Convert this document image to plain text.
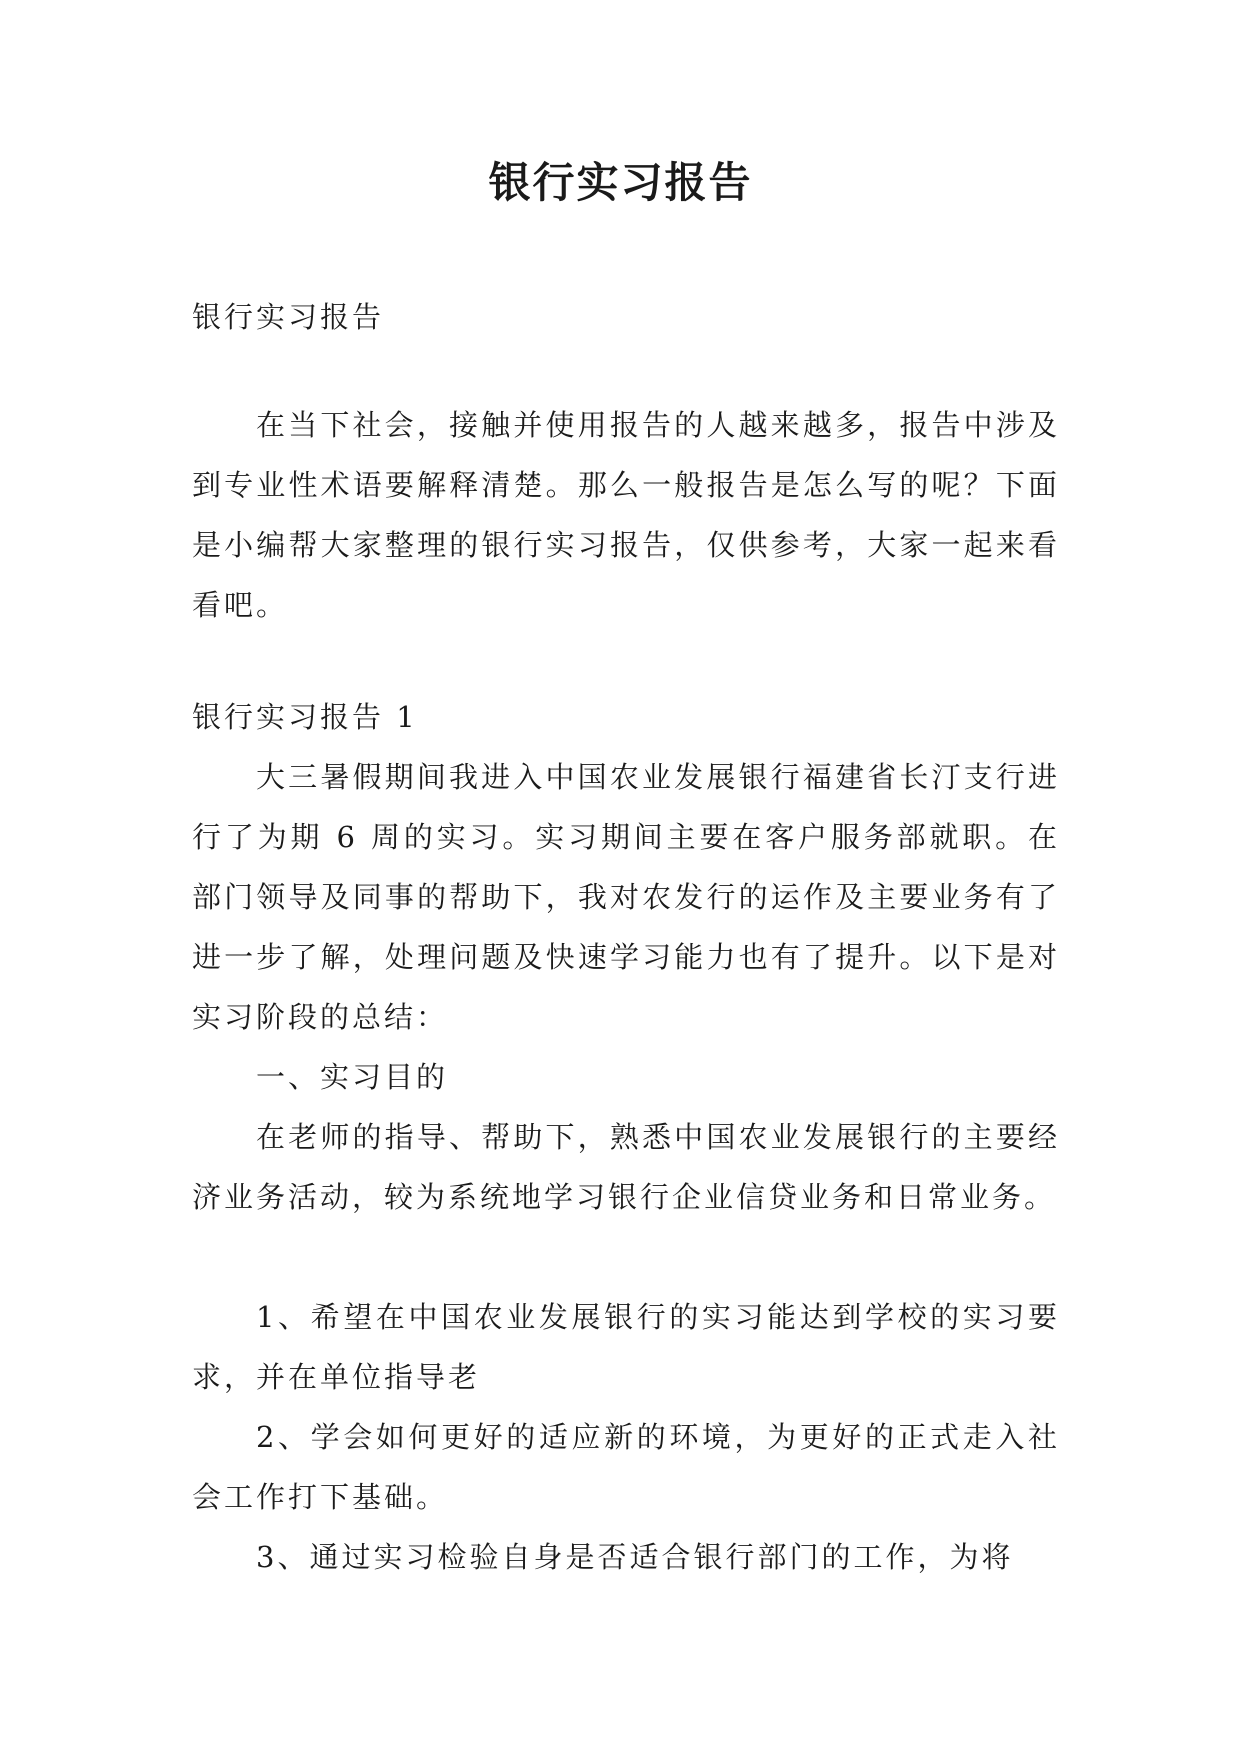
银行实习报告

银行实习报告

在当下社会，接触并使用报告的人越来越多，报告中涉及到专业性术语要解释清楚。那么一般报告是怎么写的呢？下面是小编帮大家整理的银行实习报告，仅供参考，大家一起来看看吧。

银行实习报告 1

大三暑假期间我进入中国农业发展银行福建省长汀支行进行了为期 6 周的实习。实习期间主要在客户服务部就职。在部门领导及同事的帮助下，我对农发行的运作及主要业务有了进一步了解，处理问题及快速学习能力也有了提升。以下是对实习阶段的总结：

一、实习目的

在老师的指导、帮助下，熟悉中国农业发展银行的主要经济业务活动，较为系统地学习银行企业信贷业务和日常业务。

1、希望在中国农业发展银行的实习能达到学校的实习要求，并在单位指导老

2、学会如何更好的适应新的环境，为更好的正式走入社会工作打下基础。

3、通过实习检验自身是否适合银行部门的工作，为将
